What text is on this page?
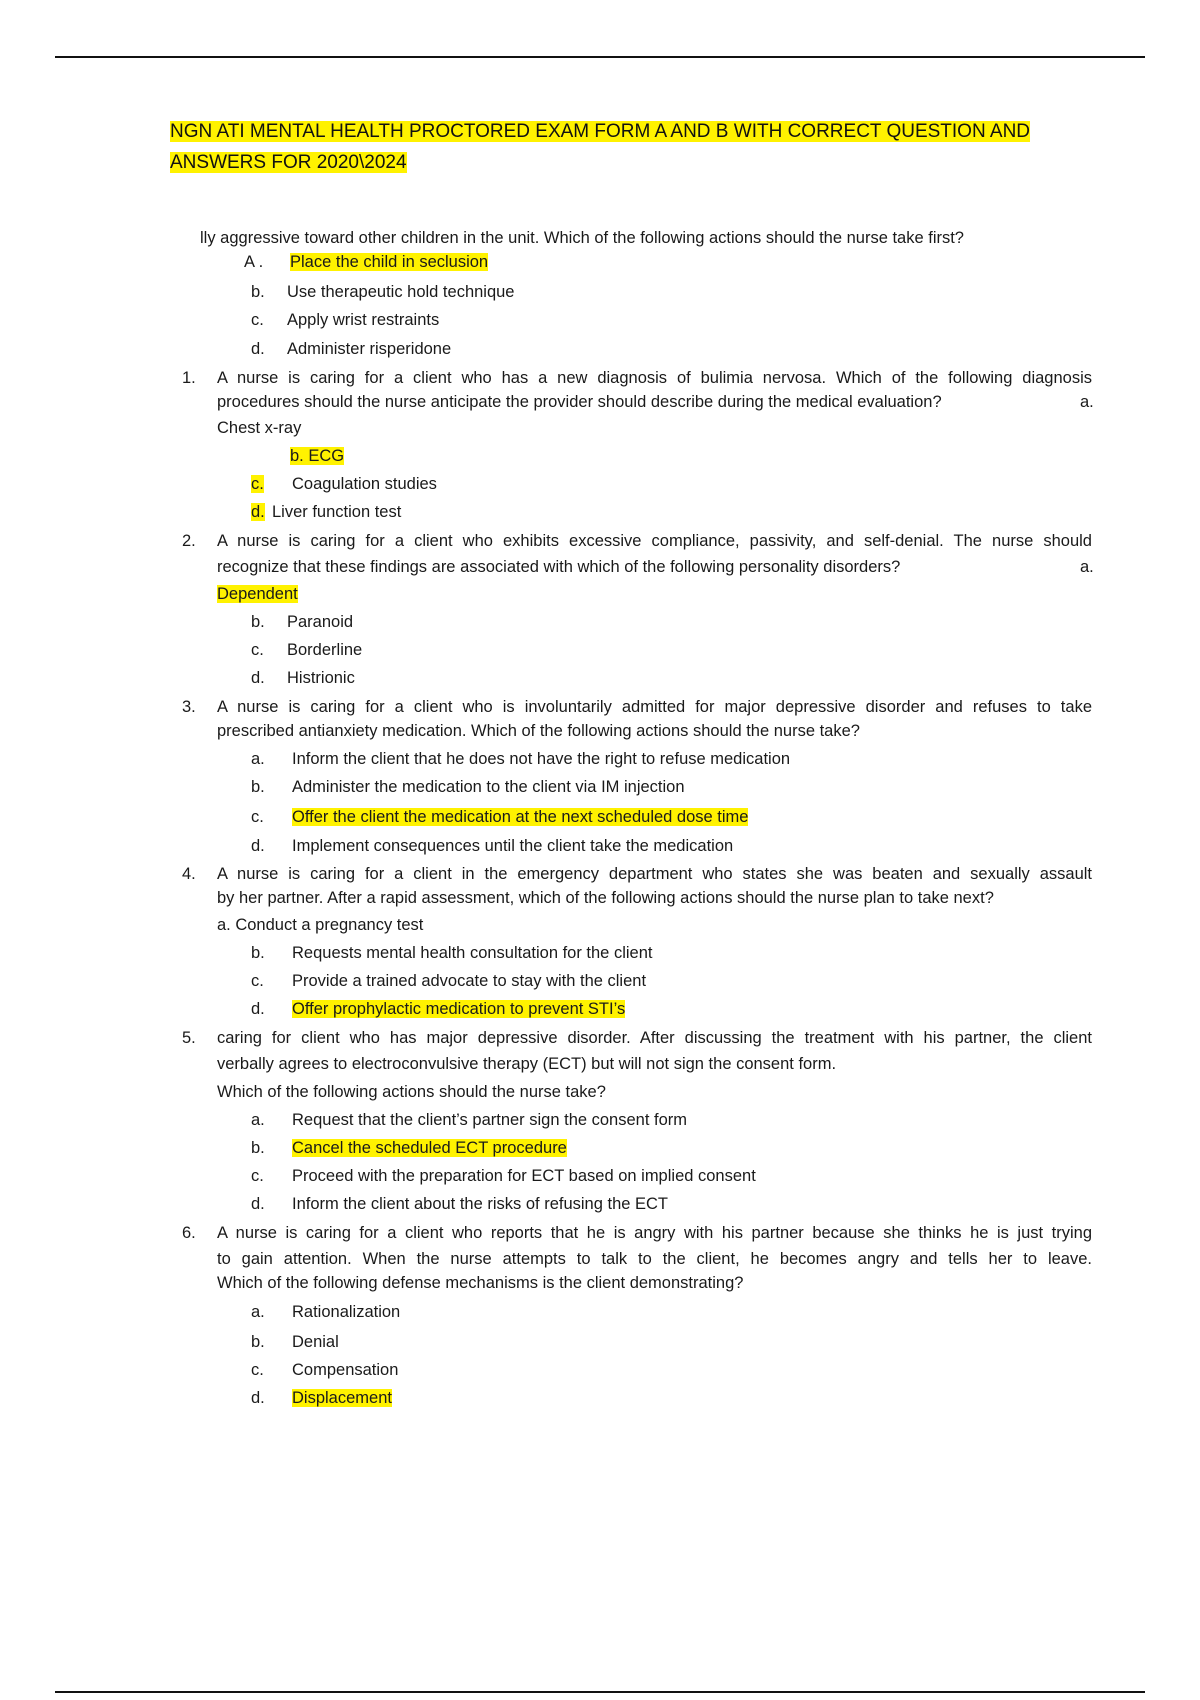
NGN ATI MENTAL HEALTH PROCTORED EXAM FORM A AND B WITH CORRECT QUESTION AND
ANSWERS FOR 2020\2024
lly aggressive toward other children in the unit. Which of the following actions should the nurse take first?
A . Place the child in seclusion
b. Use therapeutic hold technique
c. Apply wrist restraints
d. Administer risperidone
1. A nurse is caring for a client who has a new diagnosis of bulimia nervosa. Which of the following diagnosis
procedures should the nurse anticipate the provider should describe during the medical evaluation?	a.
Chest x-ray
b. ECG
c. Coagulation studies
d. Liver function test
2. A nurse is caring for a client who exhibits excessive compliance, passivity, and self-denial. The nurse should
recognize that these findings are associated with which of the following personality disorders?	a.
Dependent
b. Paranoid
c. Borderline
d. Histrionic
3. A nurse is caring for a client who is involuntarily admitted for major depressive disorder and refuses to take
prescribed antianxiety medication. Which of the following actions should the nurse take?
a. Inform the client that he does not have the right to refuse medication
b. Administer the medication to the client via IM injection
c. Offer the client the medication at the next scheduled dose time
d. Implement consequences until the client take the medication
4. A nurse is caring for a client in the emergency department who states she was beaten and sexually assault
by her partner. After a rapid assessment, which of the following actions should the nurse plan to take next?
a. Conduct a pregnancy test
b. Requests mental health consultation for the client
c. Provide a trained advocate to stay with the client
d. Offer prophylactic medication to prevent STI’s
5. caring for client who has major depressive disorder. After discussing the treatment with his partner, the client
verbally agrees to electroconvulsive therapy (ECT) but will not sign the consent form.
Which of the following actions should the nurse take?
a. Request that the client’s partner sign the consent form
b. Cancel the scheduled ECT procedure
c. Proceed with the preparation for ECT based on implied consent
d. Inform the client about the risks of refusing the ECT
6. A nurse is caring for a client who reports that he is angry with his partner because she thinks he is just trying
to gain attention. When the nurse attempts to talk to the client, he becomes angry and tells her to leave.
Which of the following defense mechanisms is the client demonstrating?
a. Rationalization
b. Denial
c. Compensation
d. Displacement
